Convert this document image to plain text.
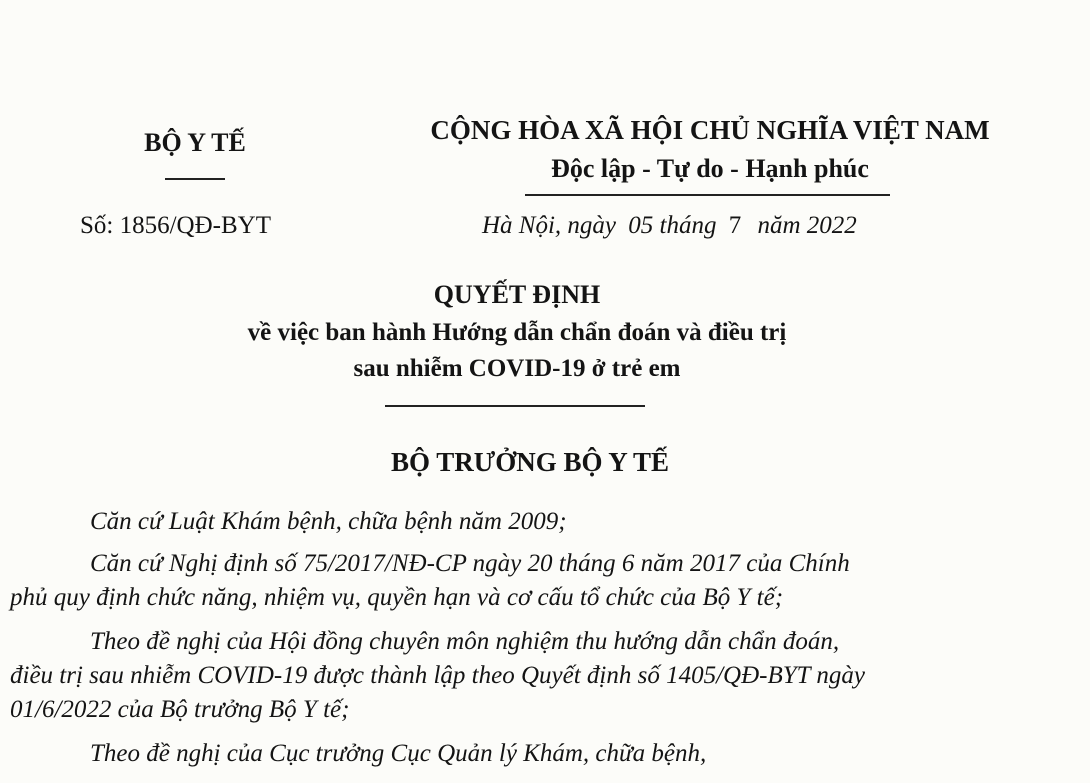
BỘ Y TẾ	CỘNG HÒA XÃ HỘI CHỦ NGHĨA VIỆT NAM
Độc lập - Tự do - Hạnh phúc
Số: 1856/QĐ-BYT	Hà Nội, ngày 05 tháng 7 năm 2022
QUYẾT ĐỊNH
về việc ban hành Hướng dẫn chẩn đoán và điều trị
sau nhiễm COVID-19 ở trẻ em
BỘ TRƯỞNG BỘ Y TẾ
Căn cứ Luật Khám bệnh, chữa bệnh năm 2009;
Căn cứ Nghị định số 75/2017/NĐ-CP ngày 20 tháng 6 năm 2017 của Chính
phủ quy định chức năng, nhiệm vụ, quyền hạn và cơ cấu tổ chức của Bộ Y tế;
Theo đề nghị của Hội đồng chuyên môn nghiệm thu hướng dẫn chẩn đoán,
điều trị sau nhiễm COVID-19 được thành lập theo Quyết định số 1405/QĐ-BYT ngày
01/6/2022 của Bộ trưởng Bộ Y tế;
Theo đề nghị của Cục trưởng Cục Quản lý Khám, chữa bệnh,
